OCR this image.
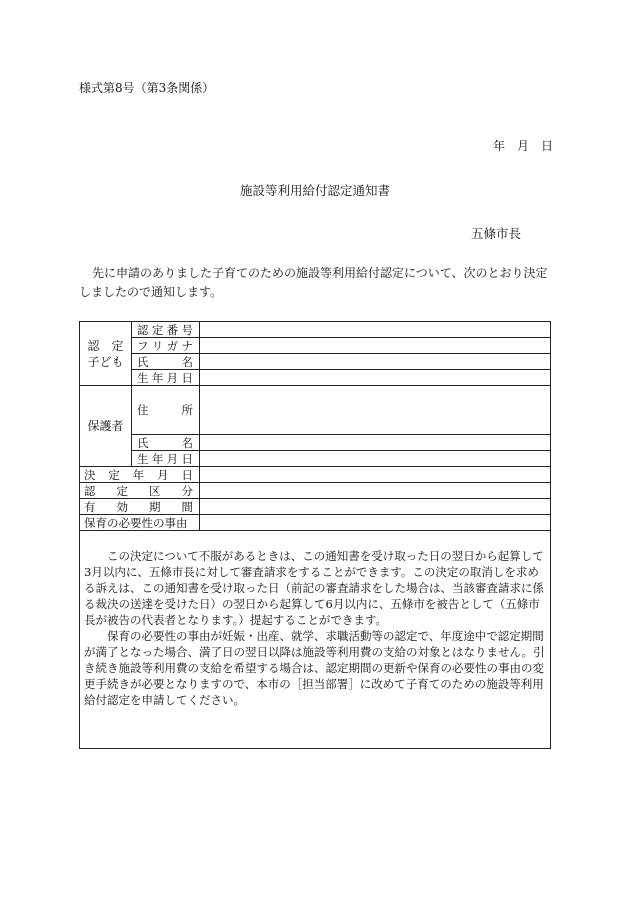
様式第8号（第3条関係）
年　月　日
施設等利用給付認定通知書
五條市長
先に申請のありました子育てのための施設等利用給付認定について、次のとおり決定しましたので通知します。
認　定
子ども	認 定 番 号	

	フ リ ガ ナ	

	氏 名	

	生 年 月 日	

保護者	住 所	

	氏 名	

	生 年 月 日	

決 定 年 月 日		

認 定 区 分		

有 効 期 間		

保育の必要性の事由		

この決定について不服があるときは、この通知書を受け取った日の翌日から起算して3月以内に、五條市長に対して審査請求をすることができます。この決定の取消しを求める訴えは、この通知書を受け取った日（前記の審査請求をした場合は、当該審査請求に係る裁決の送達を受けた日）の翌日から起算して6月以内に、五條市を被告として（五條市長が被告の代表者となります。）提起することができます。

保育の必要性の事由が妊娠・出産、就学、求職活動等の認定で、年度途中で認定期間が満了となった場合、満了日の翌日以降は施設等利用費の支給の対象とはなりません。引き続き施設等利用費の支給を希望する場合は、認定期間の更新や保育の必要性の事由の変更手続きが必要となりますので、本市の［担当部署］に改めて子育てのための施設等利用給付認定を申請してください。
